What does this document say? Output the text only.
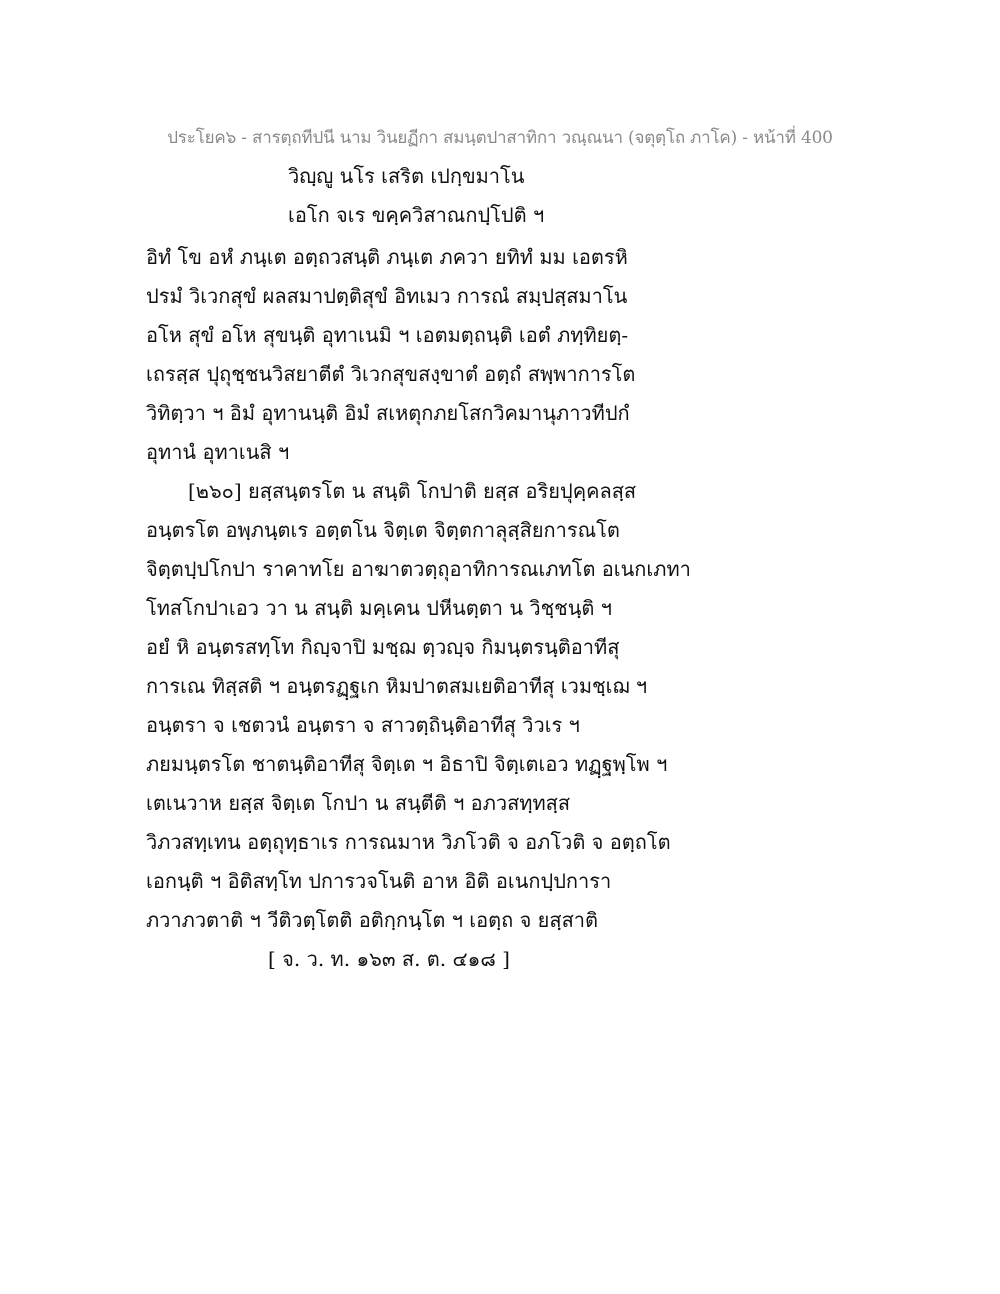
ประโยค๖ - สารตฺถทีปนี นาม วินยฏีกา สมนฺตปาสาทิกา วณฺณนา (จตุตฺโถ ภาโค) - หน้าที่ 400
วิญฺญู นโร เสริต เปกฺขมาโน
เอโก จเร ขคฺควิสาณกปฺโปติ ฯ
อิทํ โข อหํ ภนฺเต อตฺถวสนฺติ ภนฺเต ภควา ยทิทํ มม เอตรหิ
ปรมํ วิเวกสุขํ ผลสมาปตฺติสุขํ อิทเมว การณํ สมฺปสฺสมาโน
อโห สุขํ อโห สุขนฺติ อุทาเนมิ ฯ เอตมตฺถนฺติ เอตํ ภทฺทิยตฺ-
เถรสฺส ปุถุชฺชนวิสยาตีตํ วิเวกสุขสงฺขาตํ อตฺถํ สพฺพาการโต
วิทิตฺวา ฯ อิมํ อุทานนฺติ อิมํ สเหตุกภยโสกวิคมานุภาวทีปกํ
อุทานํ อุทาเนสิ ฯ
[๒๖๐] ยสฺสนฺตรโต น สนฺติ โกปาติ ยสฺส อริยปุคฺคลสฺส
อนฺตรโต อพฺภนฺตเร อตฺตโน จิตฺเต จิตฺตกาลุสฺสิยการณโต
จิตฺตปฺปโกปา ราคาทโย อาฆาตวตฺถุอาทิการณเภทโต อเนกเภทา
โทสโกปาเอว วา น สนฺติ มคฺเคน ปหีนตฺตา น วิชฺชนฺติ ฯ
อยํ หิ อนฺตรสทฺโท กิญฺจาปิ มชฺฌ ตฺวญฺจ กิมนฺตรนฺติอาทีสุ
การเณ ทิสฺสติ ฯ อนฺตรฏฺฐเก หิมปาตสมเยติอาทีสุ เวมชฺเฌ ฯ
อนฺตรา จ เชตวนํ อนฺตรา จ สาวตฺถินฺติอาทีสุ วิวเร ฯ
ภยมนฺตรโต ชาตนฺติอาทีสุ จิตฺเต ฯ อิธาปิ จิตฺเตเอว ทฏฺฐพฺโพ ฯ
เตเนวาห ยสฺส จิตฺเต โกปา น สนฺตีติ ฯ อภวสทฺทสฺส
วิภวสทฺเทน อตฺถุทฺธาเร การณมาห วิภโวติ จ อภโวติ จ อตฺถโต
เอกนฺติ ฯ อิติสทฺโท ปการวจโนติ อาห อิติ อเนกปฺปการา
ภวาภวตาติ ฯ วีติวตฺโตติ อติกฺกนฺโต ฯ เอตฺถ จ ยสฺสาติ
[ จ. ว. ท. ๑๖๓ ส. ต. ๔๑๘ ]
